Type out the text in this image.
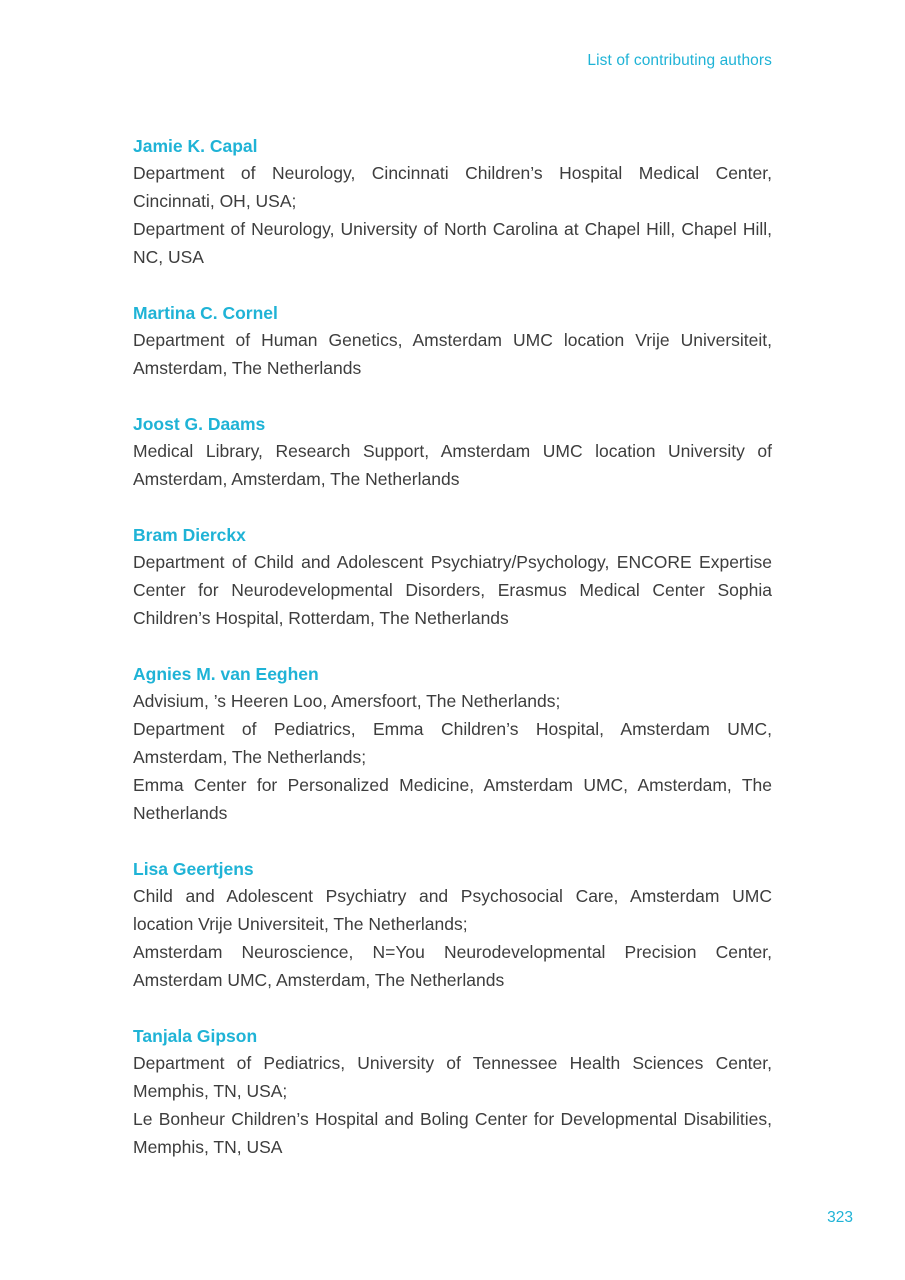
List of contributing authors
Jamie K. Capal

Department of Neurology, Cincinnati Children’s Hospital Medical Center, Cincinnati, OH, USA;

Department of Neurology, University of North Carolina at Chapel Hill, Chapel Hill, NC, USA

Martina C. Cornel

Department of Human Genetics, Amsterdam UMC location Vrije Universiteit, Amsterdam, The Netherlands

Joost G. Daams

Medical Library, Research Support, Amsterdam UMC location University of Amsterdam, Amsterdam, The Netherlands

Bram Dierckx

Department of Child and Adolescent Psychiatry/Psychology, ENCORE Expertise Center for Neurodevelopmental Disorders, Erasmus Medical Center Sophia Children’s Hospital, Rotterdam, The Netherlands

Agnies M. van Eeghen

Advisium, ’s Heeren Loo, Amersfoort, The Netherlands;

Department of Pediatrics, Emma Children’s Hospital, Amsterdam UMC, Amsterdam, The Netherlands;

Emma Center for Personalized Medicine, Amsterdam UMC, Amsterdam, The Netherlands

Lisa Geertjens

Child and Adolescent Psychiatry and Psychosocial Care, Amsterdam UMC location Vrije Universiteit, The Netherlands;

Amsterdam Neuroscience, N=You Neurodevelopmental Precision Center, Amsterdam UMC, Amsterdam, The Netherlands

Tanjala Gipson

Department of Pediatrics, University of Tennessee Health Sciences Center, Memphis, TN, USA;

Le Bonheur Children’s Hospital and Boling Center for Developmental Disabilities, Memphis, TN, USA

323
